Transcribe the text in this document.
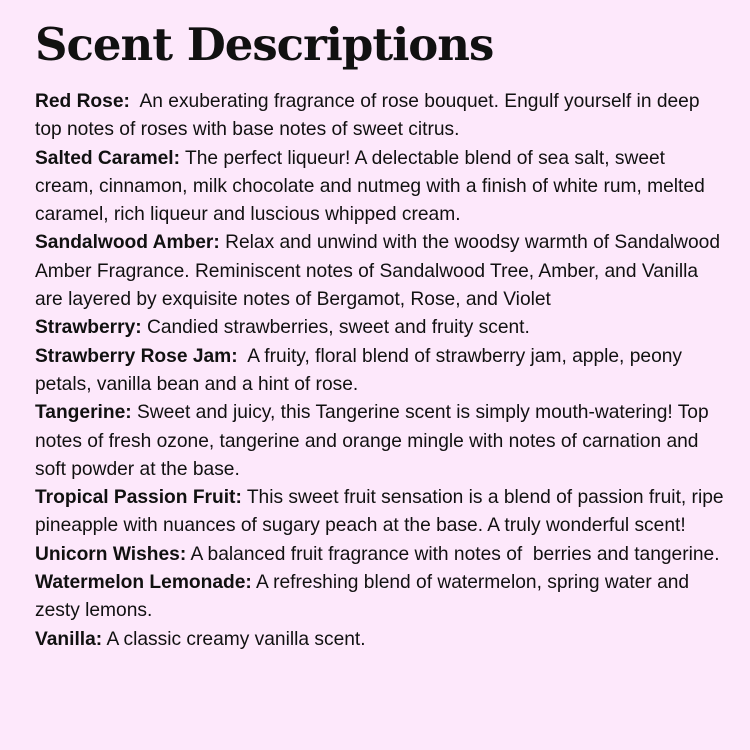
Scent Descriptions

Red Rose:  An exuberating fragrance of rose bouquet. Engulf yourself in deep top notes of roses with base notes of sweet citrus.

Salted Caramel: The perfect liqueur! A delectable blend of sea salt, sweet cream, cinnamon, milk chocolate and nutmeg with a finish of white rum, melted caramel, rich liqueur and luscious whipped cream.

Sandalwood Amber: Relax and unwind with the woodsy warmth of Sandalwood Amber Fragrance. Reminiscent notes of Sandalwood Tree, Amber, and Vanilla are layered by exquisite notes of Bergamot, Rose, and Violet

Strawberry: Candied strawberries, sweet and fruity scent.

Strawberry Rose Jam:  A fruity, floral blend of strawberry jam, apple, peony petals, vanilla bean and a hint of rose.

Tangerine: Sweet and juicy, this Tangerine scent is simply mouth-watering! Top notes of fresh ozone, tangerine and orange mingle with notes of carnation and soft powder at the base.

Tropical Passion Fruit: This sweet fruit sensation is a blend of passion fruit, ripe pineapple with nuances of sugary peach at the base. A truly wonderful scent!

Unicorn Wishes: A balanced fruit fragrance with notes of  berries and tangerine.

Watermelon Lemonade: A refreshing blend of watermelon, spring water and zesty lemons.

Vanilla: A classic creamy vanilla scent.
